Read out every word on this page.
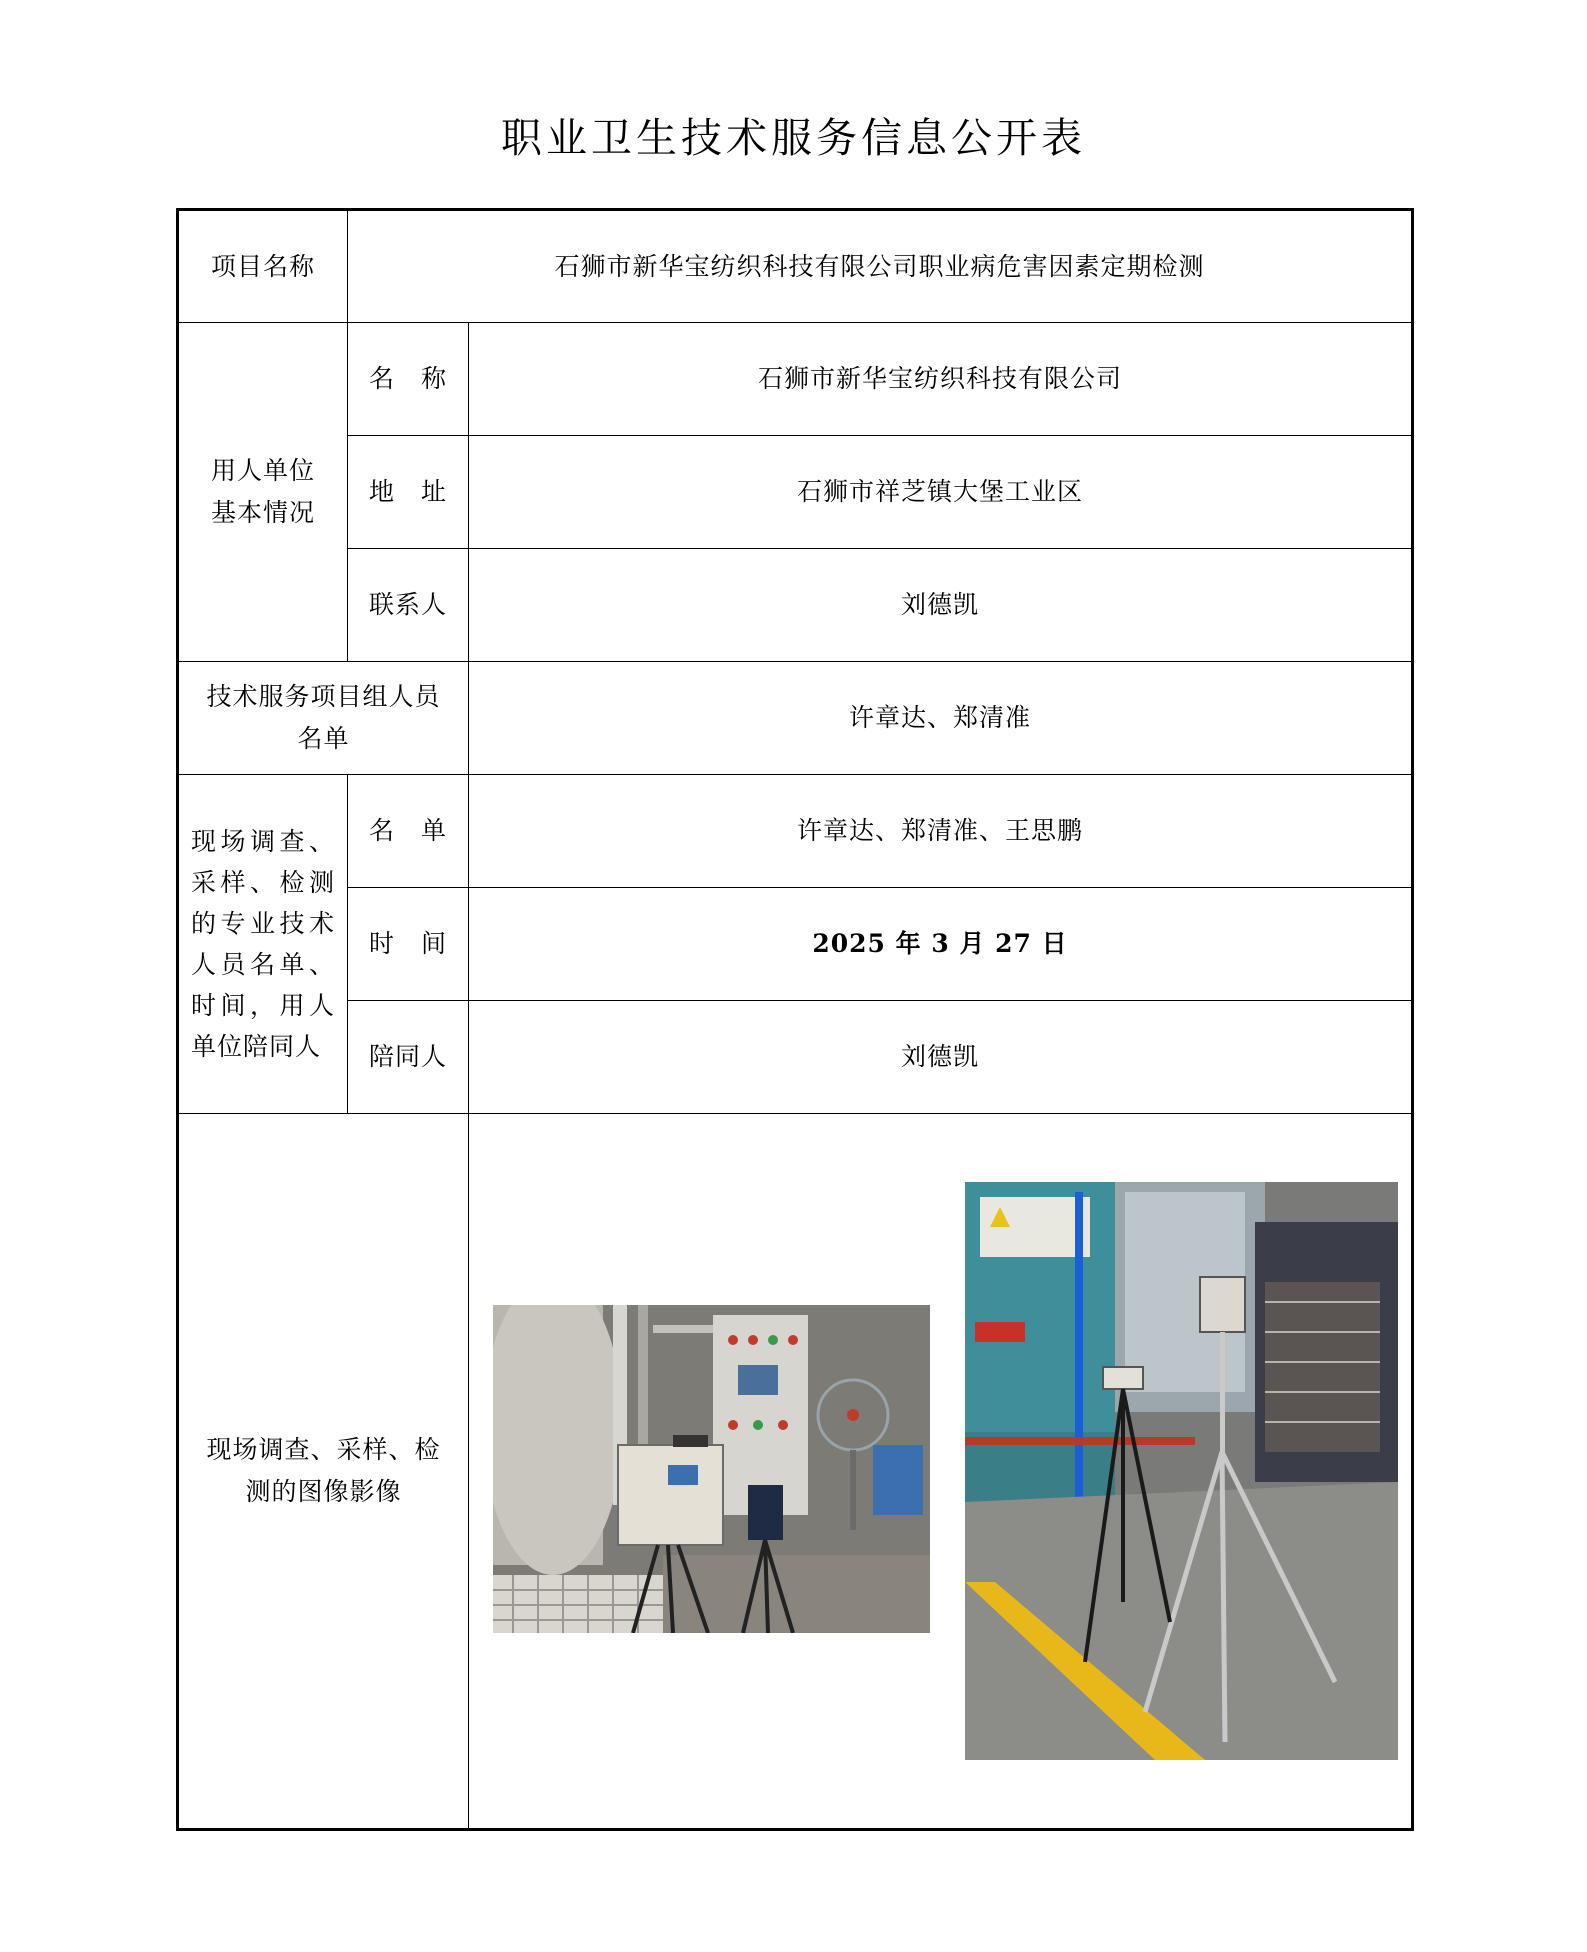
职业卫生技术服务信息公开表
项目名称	石狮市新华宝纺织科技有限公司职业病危害因素定期检测	
用人单位基本情况	名　称	石狮市新华宝纺织科技有限公司
	地　址	石狮市祥芝镇大堡工业区
	联系人	刘德凯
技术服务项目组人员名单		许章达、郑清准
现场调查、采样、检测的专业技术人员名单、时间，用人单位陪同人	名　单	许章达、郑清准、王思鹏
	时　间	2025 年 3 月 27 日
	陪同人	刘德凯
现场调查、采样、检测的图像影像	
